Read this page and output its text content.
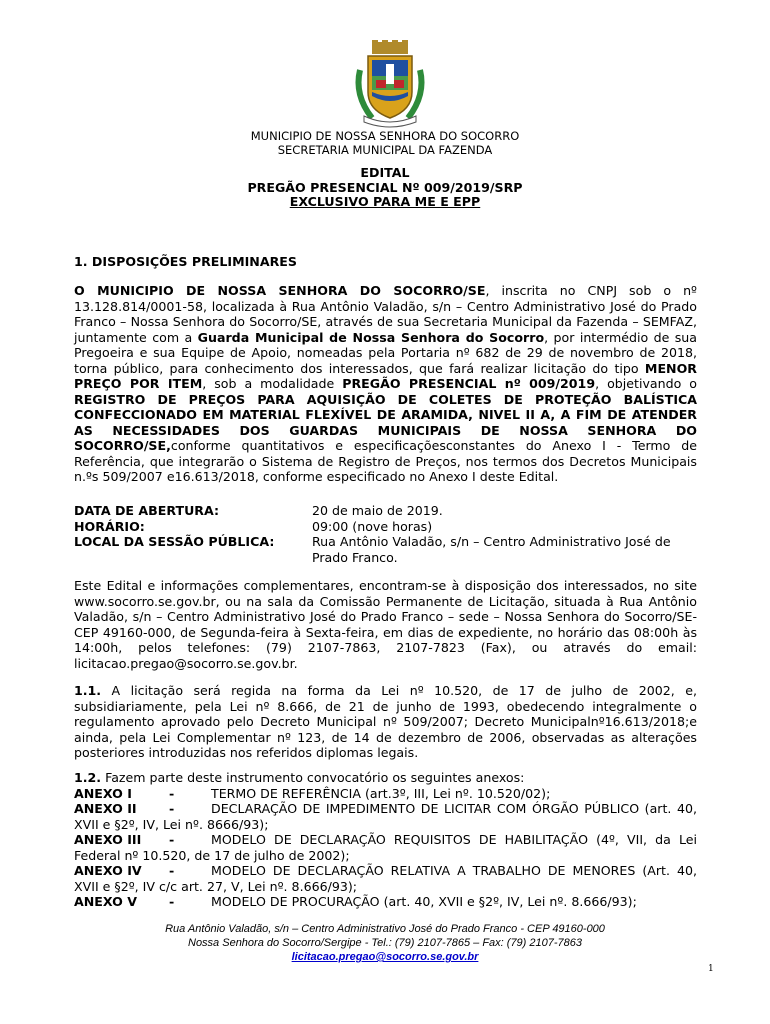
MUNICIPIO DE NOSSA SENHORA DO SOCORRO
SECRETARIA MUNICIPAL DA FAZENDA
EDITAL
PREGÃO PRESENCIAL Nº 009/2019/SRP
EXCLUSIVO PARA ME E EPP
1. DISPOSIÇÕES PRELIMINARES
O MUNICIPIO DE NOSSA SENHORA DO SOCORRO/SE, inscrita no CNPJ sob o nº 13.128.814/0001-58, localizada à Rua Antônio Valadão, s/n – Centro Administrativo José do Prado Franco – Nossa Senhora do Socorro/SE, através de sua Secretaria Municipal da Fazenda – SEMFAZ, juntamente com a Guarda Municipal de Nossa Senhora do Socorro, por intermédio de sua Pregoeira e sua Equipe de Apoio, nomeadas pela Portaria nº 682 de 29 de novembro de 2018, torna público, para conhecimento dos interessados, que fará realizar licitação do tipo MENOR PREÇO POR ITEM, sob a modalidade PREGÃO PRESENCIAL nº 009/2019, objetivando o REGISTRO DE PREÇOS PARA AQUISIÇÃO DE COLETES DE PROTEÇÃO BALÍSTICA CONFECCIONADO EM MATERIAL FLEXÍVEL DE ARAMIDA, NIVEL II A, A FIM DE ATENDER AS NECESSIDADES DOS GUARDAS MUNICIPAIS DE NOSSA SENHORA DO SOCORRO/SE,conforme quantitativos e especificaçõesconstantes do Anexo I - Termo de Referência, que integrarão o Sistema de Registro de Preços, nos termos dos Decretos Municipais n.ºs 509/2007 e16.613/2018, conforme especificado no Anexo I deste Edital.
DATA DE ABERTURA:	20 de maio de 2019.
HORÁRIO:	09:00 (nove horas)
LOCAL DA SESSÃO PÚBLICA:	Rua Antônio Valadão, s/n – Centro Administrativo José de Prado Franco.
Este Edital e informações complementares, encontram-se à disposição dos interessados, no site www.socorro.se.gov.br, ou na sala da Comissão Permanente de Licitação, situada à Rua Antônio Valadão, s/n – Centro Administrativo José do Prado Franco – sede – Nossa Senhora do Socorro/SE- CEP 49160-000, de Segunda-feira à Sexta-feira, em dias de expediente, no horário das 08:00h às 14:00h, pelos telefones: (79) 2107-7863, 2107-7823 (Fax), ou através do email: licitacao.pregao@socorro.se.gov.br.
1.1. A licitação será regida na forma da Lei nº 10.520, de 17 de julho de 2002, e, subsidiariamente, pela Lei nº 8.666, de 21 de junho de 1993, obedecendo integralmente o regulamento aprovado pelo Decreto Municipal nº 509/2007; Decreto Municipalnº16.613/2018;e ainda, pela Lei Complementar nº 123, de 14 de dezembro de 2006, observadas as alterações posteriores introduzidas nos referidos diplomas legais.
1.2. Fazem parte deste instrumento convocatório os seguintes anexos:
ANEXO I	-	TERMO DE REFERÊNCIA (art.3º, III, Lei nº. 10.520/02);
ANEXO II	-	DECLARAÇÃO DE IMPEDIMENTO DE LICITAR COM ÓRGÃO PÚBLICO (art. 40, XVII e §2º, IV, Lei nº. 8666/93);
ANEXO III -	MODELO DE DECLARAÇÃO REQUISITOS DE HABILITAÇÃO (4º, VII, da Lei Federal nº 10.520, de 17 de julho de 2002);
ANEXO IV -	MODELO DE DECLARAÇÃO RELATIVA A TRABALHO DE MENORES (Art. 40, XVII e §2º, IV c/c art. 27, V, Lei nº. 8.666/93);
ANEXO V	-	MODELO DE PROCURAÇÃO (art. 40, XVII e §2º, IV, Lei nº. 8.666/93);
Rua Antônio Valadão, s/n – Centro Administrativo José do Prado Franco - CEP 49160-000
Nossa Senhora do Socorro/Sergipe - Tel.: (79) 2107-7865 – Fax: (79) 2107-7863
licitacao.pregao@socorro.se.gov.br
1
